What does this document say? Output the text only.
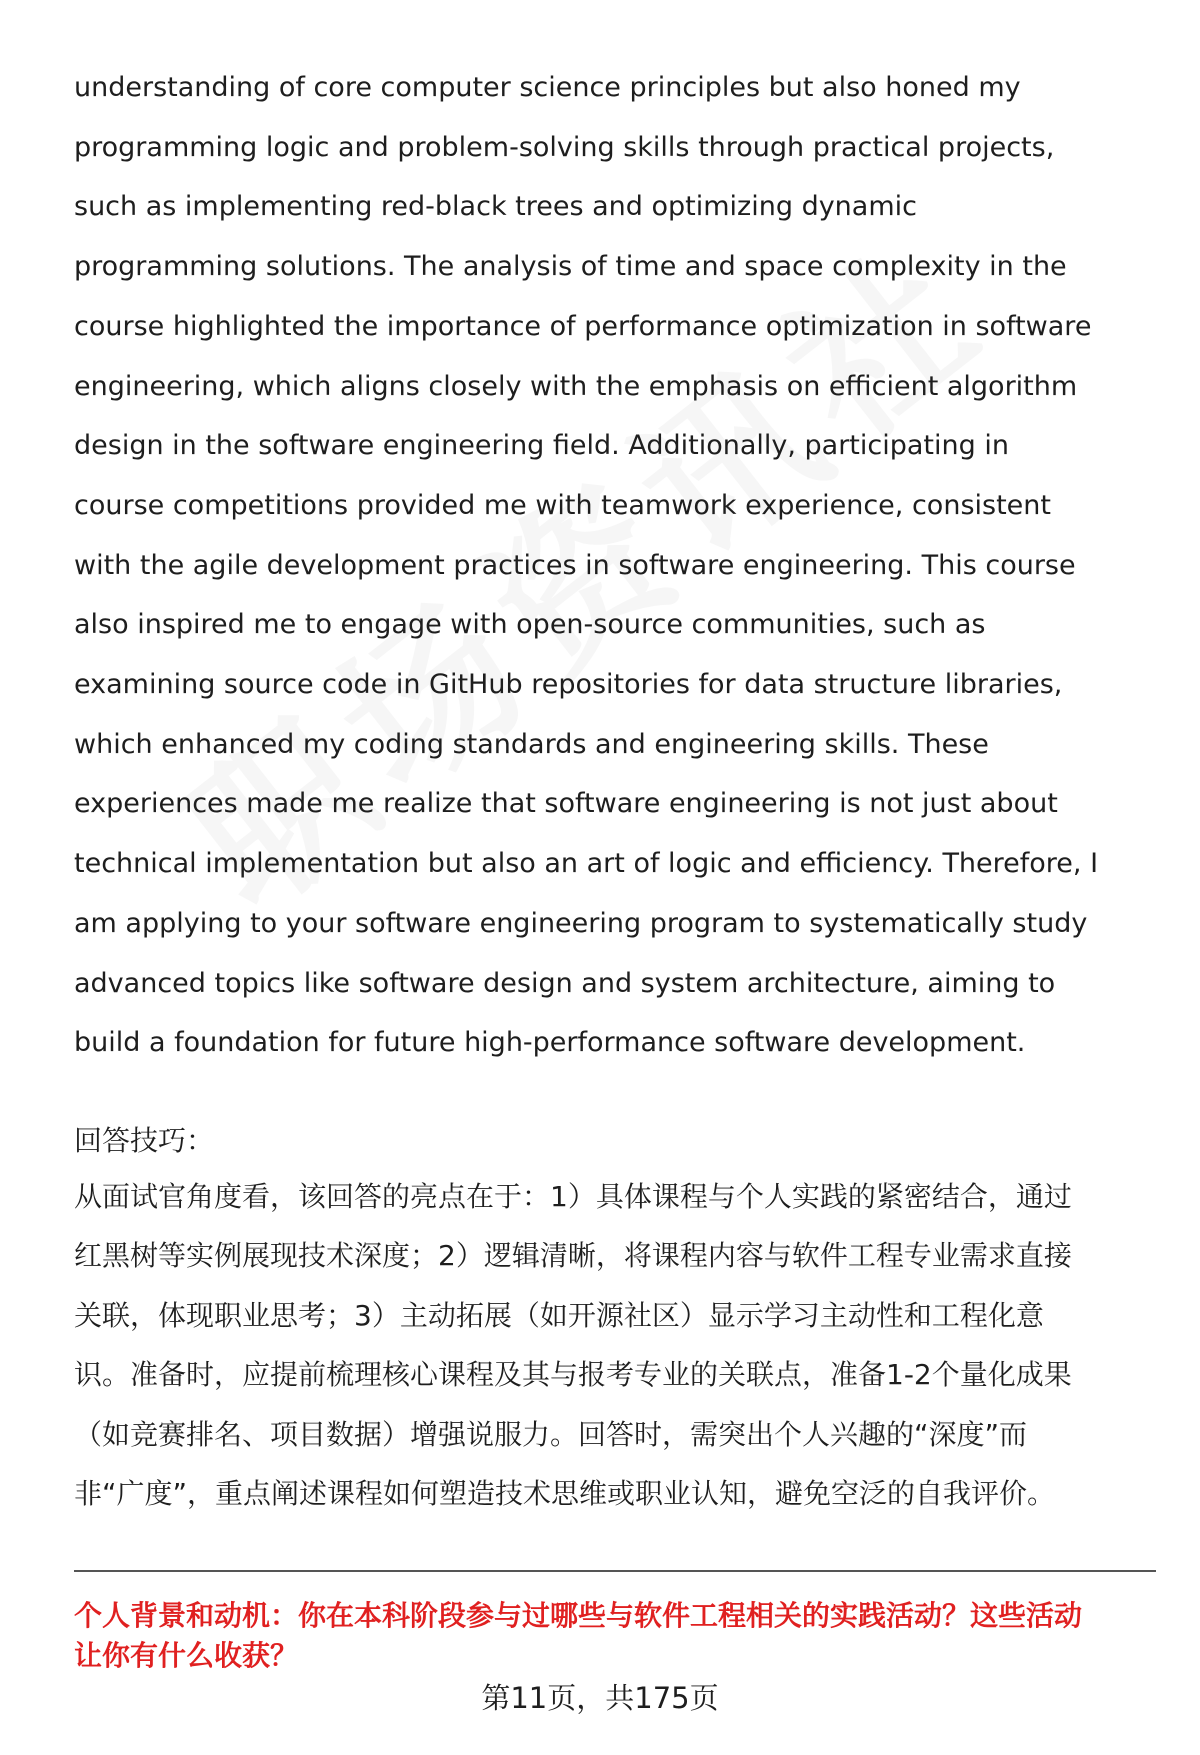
understanding of core computer science principles but also honed my
programming logic and problem-solving skills through practical projects,
such as implementing red-black trees and optimizing dynamic
programming solutions. The analysis of time and space complexity in the
course highlighted the importance of performance optimization in software
engineering, which aligns closely with the emphasis on efficient algorithm
design in the software engineering field. Additionally, participating in
course competitions provided me with teamwork experience, consistent
with the agile development practices in software engineering. This course
also inspired me to engage with open-source communities, such as
examining source code in GitHub repositories for data structure libraries,
which enhanced my coding standards and engineering skills. These
experiences made me realize that software engineering is not just about
technical implementation but also an art of logic and efficiency. Therefore, I
am applying to your software engineering program to systematically study
advanced topics like software design and system architecture, aiming to
build a foundation for future high-performance software development.

回答技巧：

从面试官角度看，该回答的亮点在于：1）具体课程与个人实践的紧密结合，通过
红黑树等实例展现技术深度；2）逻辑清晰，将课程内容与软件工程专业需求直接
关联，体现职业思考；3）主动拓展（如开源社区）显示学习主动性和工程化意
识。准备时，应提前梳理核心课程及其与报考专业的关联点，准备1-2个量化成果
（如竞赛排名、项目数据）增强说服力。回答时，需突出个人兴趣的“深度”而
非“广度”，重点阐述课程如何塑造技术思维或职业认知，避免空泛的自我评价。

个人背景和动机：你在本科阶段参与过哪些与软件工程相关的实践活动？这些活动
让你有什么收获？

第11页，共175页
